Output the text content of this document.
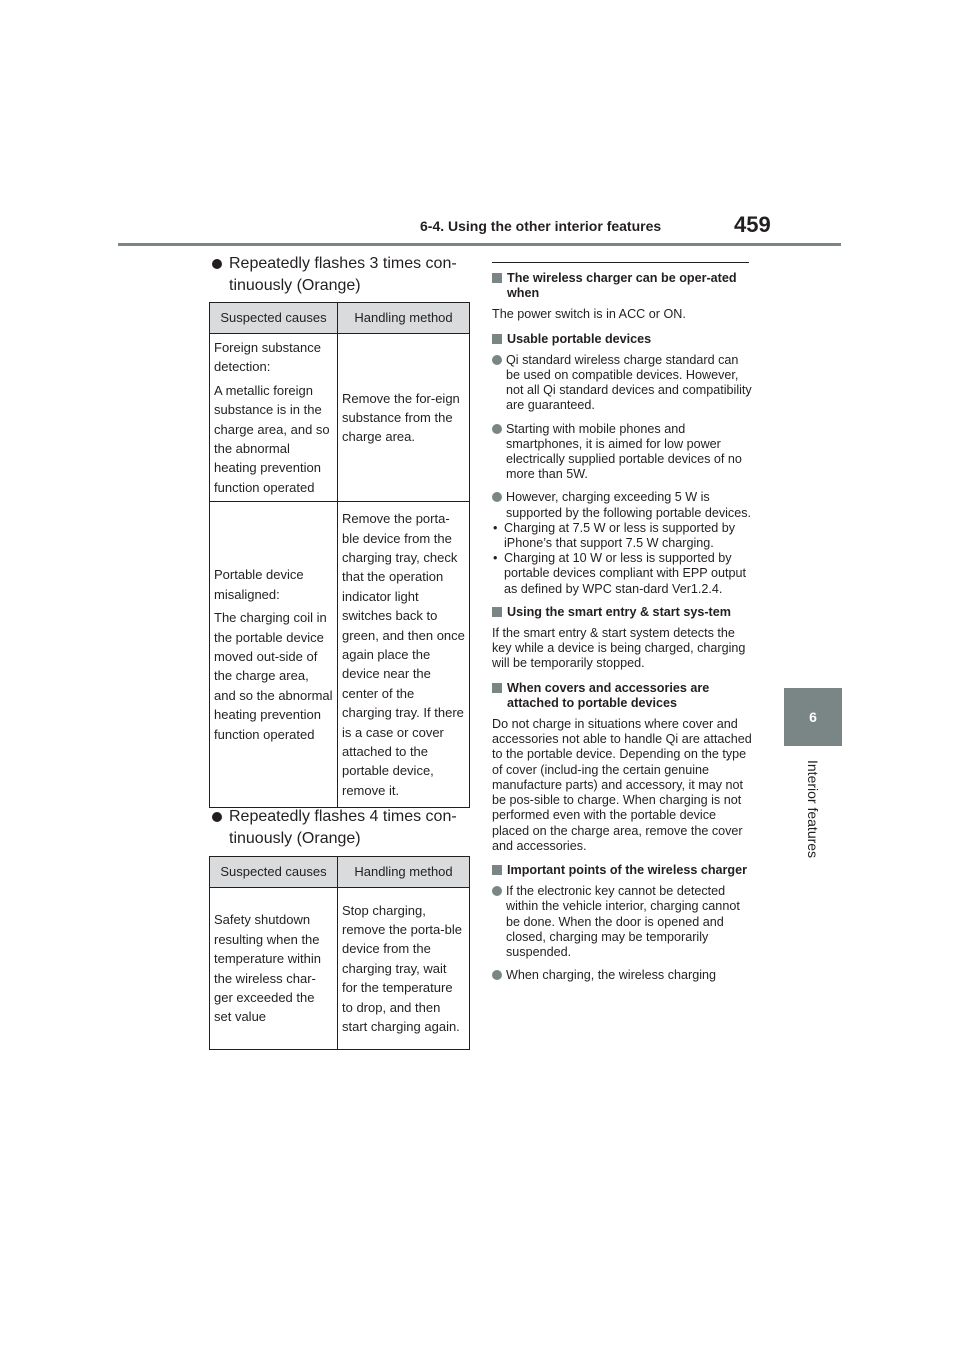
6-4. Using the other interior features	459
6
Interior features
Repeatedly flashes 3 times con-tinuously (Orange)
Suspected causes	Handling method

Foreign substance detection:

A metallic foreign substance is in the charge area, and so the abnormal heating prevention function operated	Remove the for-eign substance from the charge area.

Portable device misaligned:

The charging coil in the portable device moved out-side of the charge area, and so the abnormal heating prevention function operated	Remove the porta-ble device from the charging tray, check that the operation indicator light switches back to green, and then once again place the device near the center of the charging tray. If there is a case or cover attached to the portable device, remove it.

Repeatedly flashes 4 times con-tinuously (Orange)
Suspected causes	Handling method

Safety shutdown resulting when the temperature within the wireless char-ger exceeded the set value	Stop charging, remove the porta-ble device from the charging tray, wait for the temperature to drop, and then start charging again.

The wireless charger can be oper-ated when

The power switch is in ACC or ON.

Usable portable devices
Qi standard wireless charge standard can be used on compatible devices. However, not all Qi standard devices and compatibility are guaranteed.
Starting with mobile phones and smartphones, it is aimed for low power electrically supplied portable devices of no more than 5W.
However, charging exceeding 5 W is supported by the following portable devices.
• Charging at 7.5 W or less is supported by iPhone’s that support 7.5 W charging.
• Charging at 10 W or less is supported by portable devices compliant with EPP output as defined by WPC stan-dard Ver1.2.4.
Using the smart entry & start sys-tem

If the smart entry & start system detects the key while a device is being charged, charging will be temporarily stopped.

When covers and accessories are attached to portable devices

Do not charge in situations where cover and accessories not able to handle Qi are attached to the portable device. Depending on the type of cover (includ-ing the certain genuine manufacture parts) and accessory, it may not be pos-sible to charge. When charging is not performed even with the portable device placed on the charge area, remove the cover and accessories.

Important points of the wireless charger
If the electronic key cannot be detected within the vehicle interior, charging cannot be done. When the door is opened and closed, charging may be temporarily suspended.
When charging, the wireless charging
